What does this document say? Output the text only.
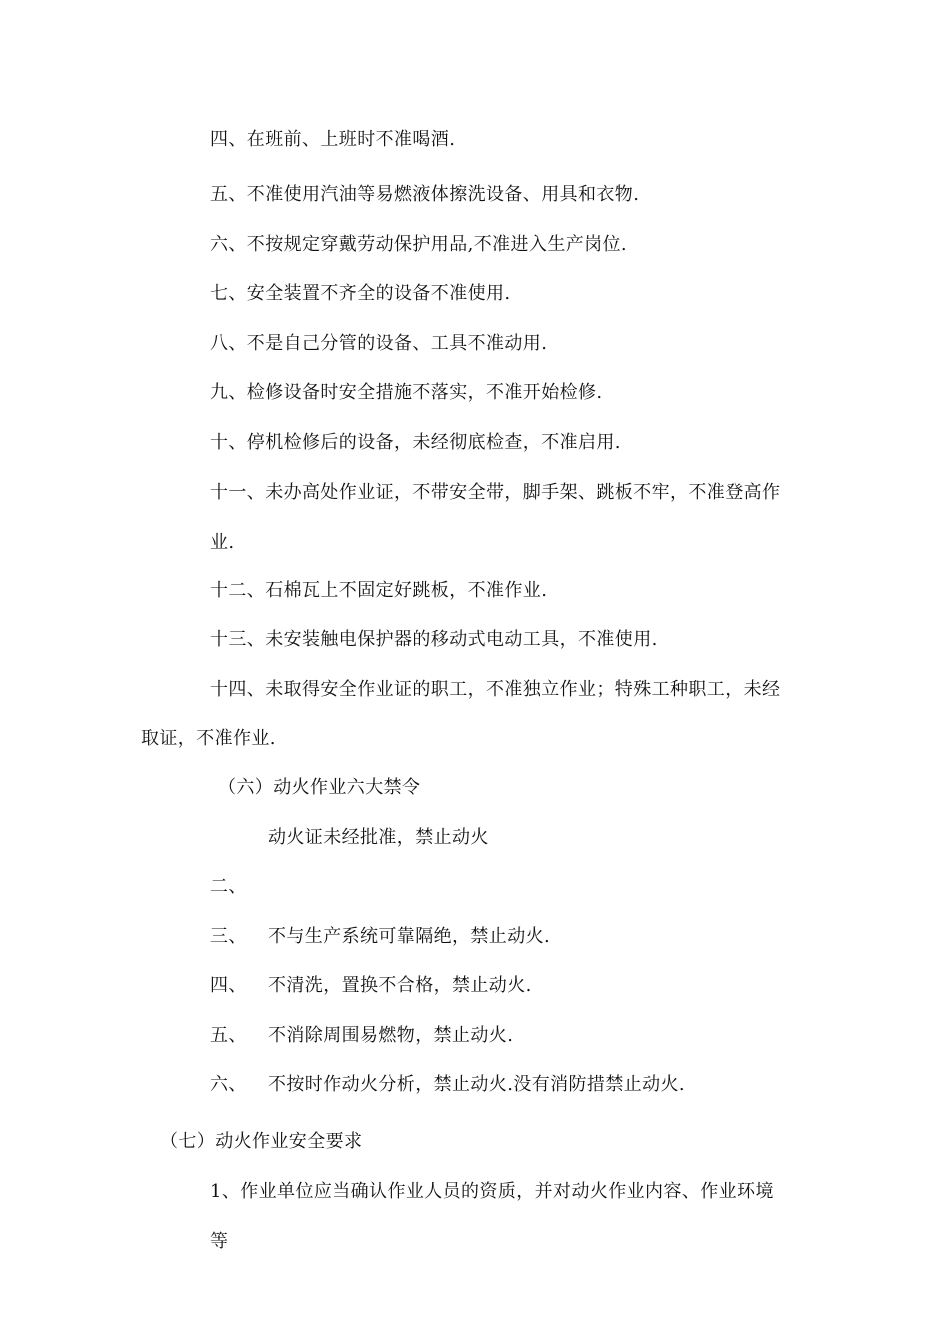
四、在班前、上班时不准喝酒.
五、不准使用汽油等易燃液体擦洗设备、用具和衣物.
六、不按规定穿戴劳动保护用品,不准进入生产岗位.
七、安全装置不齐全的设备不准使用.
八、不是自己分管的设备、工具不准动用.
九、检修设备时安全措施不落实，不准开始检修.
十、停机检修后的设备，未经彻底检查，不准启用.
十一、未办高处作业证，不带安全带，脚手架、跳板不牢，不准登高作
业.
十二、石棉瓦上不固定好跳板，不准作业.
十三、未安装触电保护器的移动式电动工具，不准使用.
十四、未取得安全作业证的职工，不准独立作业；特殊工种职工，未经
取证，不准作业.
（六）动火作业六大禁令
动火证未经批准，禁止动火
二、
三、 不与生产系统可靠隔绝，禁止动火.
四、 不清洗，置换不合格，禁止动火.
五、 不消除周围易燃物，禁止动火.
六、 不按时作动火分析，禁止动火.没有消防措禁止动火.
（七）动火作业安全要求
1、作业单位应当确认作业人员的资质，并对动火作业内容、作业环境
等
